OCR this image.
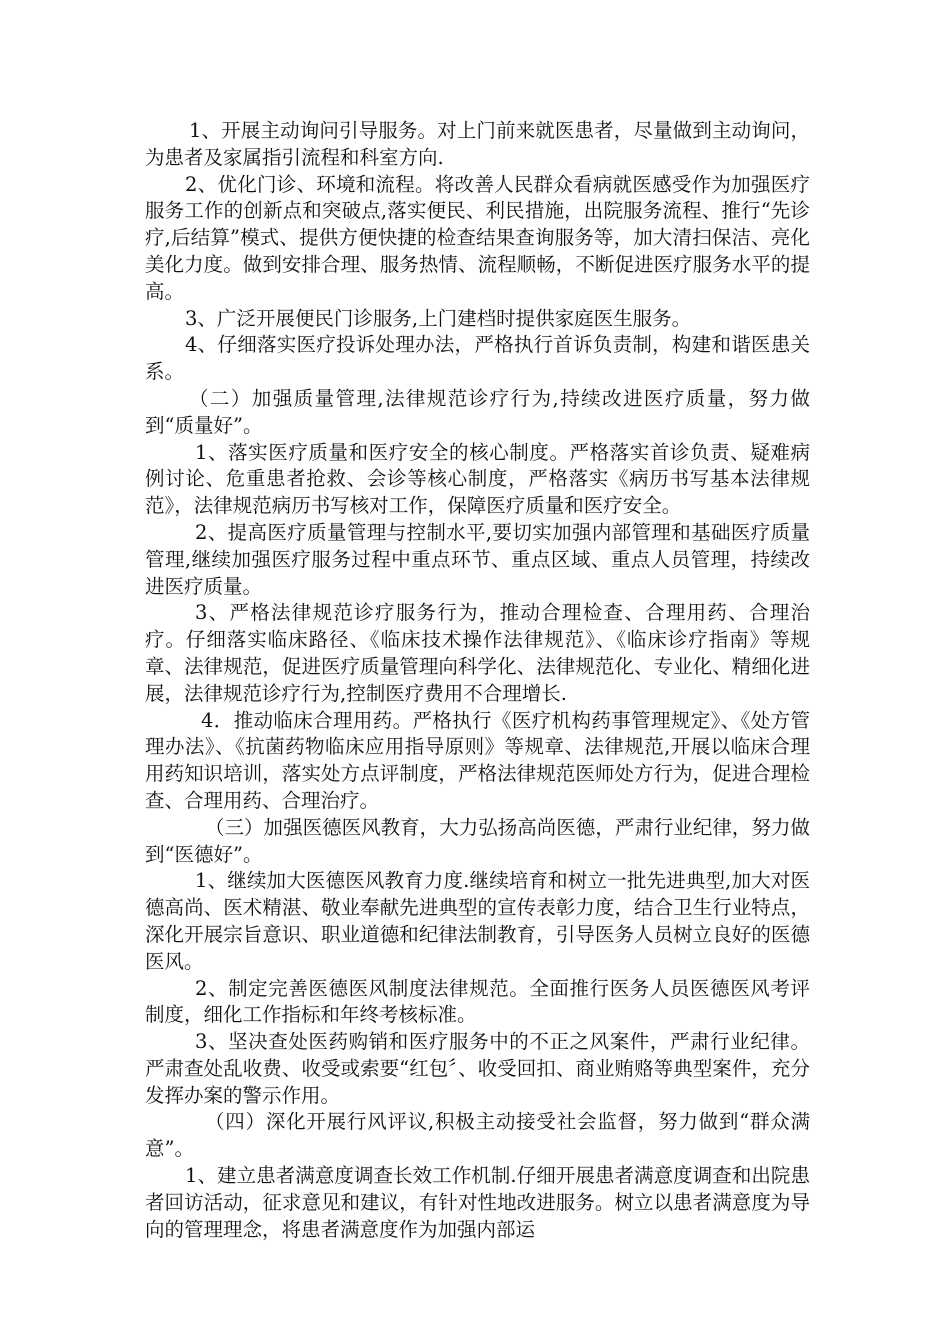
1、开展主动询问引导服务。对上门前来就医患者，尽量做到主动询问，为患者及家属指引流程和科室方向.

2、优化门诊、环境和流程。将改善人民群众看病就医感受作为加强医疗服务工作的创新点和突破点,落实便民、利民措施，出院服务流程、推行“先诊疗,后结算”模式、提供方便快捷的检查结果查询服务等，加大清扫保洁、亮化美化力度。做到安排合理、服务热情、流程顺畅，不断促进医疗服务水平的提高。

3、广泛开展便民门诊服务,上门建档时提供家庭医生服务。

4、仔细落实医疗投诉处理办法，严格执行首诉负责制，构建和谐医患关系。

（二）加强质量管理,法律规范诊疗行为,持续改进医疗质量，努力做到“质量好”。

1、落实医疗质量和医疗安全的核心制度。严格落实首诊负责、疑难病例讨论、危重患者抢救、会诊等核心制度，严格落实《病历书写基本法律规范》，法律规范病历书写核对工作，保障医疗质量和医疗安全。

2、提高医疗质量管理与控制水平,要切实加强内部管理和基础医疗质量管理,继续加强医疗服务过程中重点环节、重点区域、重点人员管理，持续改进医疗质量。

3、严格法律规范诊疗服务行为，推动合理检查、合理用药、合理治疗。仔细落实临床路径、《临床技术操作法律规范》、《临床诊疗指南》等规章、法律规范，促进医疗质量管理向科学化、法律规范化、专业化、精细化进展，法律规范诊疗行为,控制医疗费用不合理增长.

4．推动临床合理用药。严格执行《医疗机构药事管理规定》、《处方管理办法》、《抗菌药物临床应用指导原则》等规章、法律规范,开展以临床合理用药知识培训，落实处方点评制度，严格法律规范医师处方行为，促进合理检查、合理用药、合理治疗。

（三）加强医德医风教育，大力弘扬高尚医德，严肃行业纪律，努力做到“医德好”。

1、继续加大医德医风教育力度.继续培育和树立一批先进典型,加大对医德高尚、医术精湛、敬业奉献先进典型的宣传表彰力度，结合卫生行业特点，深化开展宗旨意识、职业道德和纪律法制教育，引导医务人员树立良好的医德医风。

2、制定完善医德医风制度法律规范。全面推行医务人员医德医风考评制度，细化工作指标和年终考核标准。

3、坚决查处医药购销和医疗服务中的不正之风案件，严肃行业纪律。严肃查处乱收费、收受或索要“红包〞、收受回扣、商业贿赂等典型案件，充分发挥办案的警示作用。

（四）深化开展行风评议,积极主动接受社会监督，努力做到“群众满意”。

1、建立患者满意度调查长效工作机制.仔细开展患者满意度调查和出院患者回访活动，征求意见和建议，有针对性地改进服务。树立以患者满意度为导向的管理理念，将患者满意度作为加强内部运
